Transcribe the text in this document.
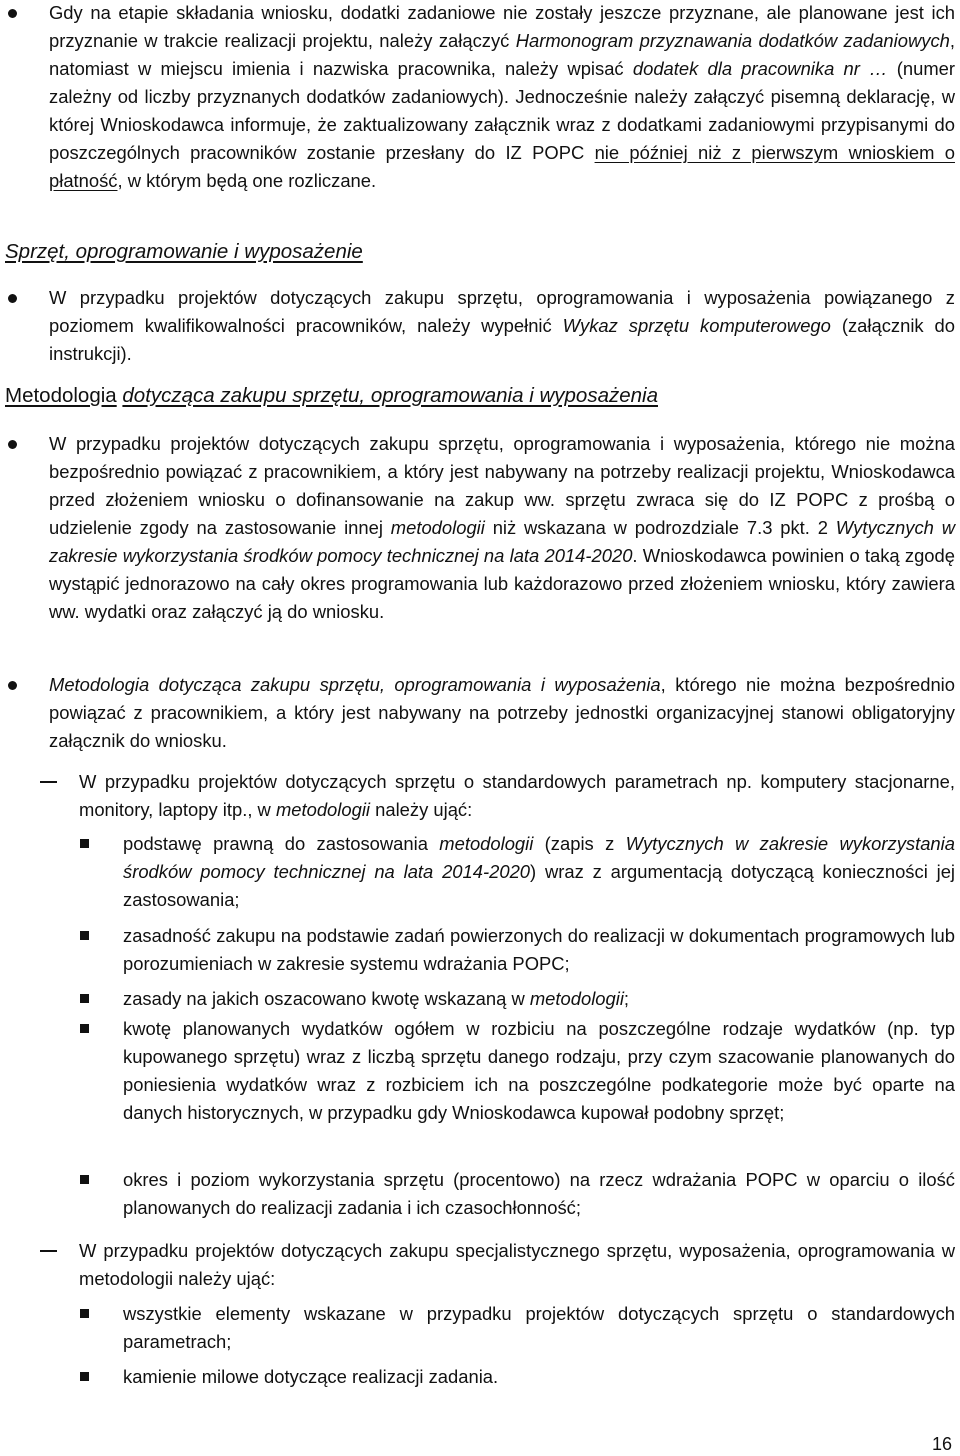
Gdy na etapie składania wniosku, dodatki zadaniowe nie zostały jeszcze przyznane, ale planowane jest ich przyznanie w trakcie realizacji projektu, należy załączyć Harmonogram przyznawania dodatków zadaniowych, natomiast w miejscu imienia i nazwiska pracownika, należy wpisać dodatek dla pracownika nr … (numer zależny od liczby przyznanych dodatków zadaniowych). Jednocześnie należy załączyć pisemną deklarację, w której Wnioskodawca informuje, że zaktualizowany załącznik wraz z dodatkami zadaniowymi przypisanymi do poszczególnych pracowników zostanie przesłany do IZ POPC nie później niż z pierwszym wnioskiem o płatność, w którym będą one rozliczane.

Sprzęt, oprogramowanie i wyposażenie

W przypadku projektów dotyczących zakupu sprzętu, oprogramowania i wyposażenia powiązanego z poziomem kwalifikowalności pracowników, należy wypełnić Wykaz sprzętu komputerowego (załącznik do instrukcji).

Metodologia dotycząca zakupu sprzętu, oprogramowania i wyposażenia

W przypadku projektów dotyczących zakupu sprzętu, oprogramowania i wyposażenia, którego nie można bezpośrednio powiązać z pracownikiem, a który jest nabywany na potrzeby realizacji projektu, Wnioskodawca przed złożeniem wniosku o dofinansowanie na zakup ww. sprzętu zwraca się do IZ POPC z prośbą o udzielenie zgody na zastosowanie innej metodologii niż wskazana w podrozdziale 7.3 pkt. 2 Wytycznych w zakresie wykorzystania środków pomocy technicznej na lata 2014-2020. Wnioskodawca powinien o taką zgodę wystąpić jednorazowo na cały okres programowania lub każdorazowo przed złożeniem wniosku, który zawiera ww. wydatki oraz załączyć ją do wniosku.

Metodologia dotycząca zakupu sprzętu, oprogramowania i wyposażenia, którego nie można bezpośrednio powiązać z pracownikiem, a który jest nabywany na potrzeby jednostki organizacyjnej stanowi obligatoryjny załącznik do wniosku.

W przypadku projektów dotyczących sprzętu o standardowych parametrach np. komputery stacjonarne, monitory, laptopy itp., w metodologii należy ująć:

podstawę prawną do zastosowania metodologii (zapis z Wytycznych w zakresie wykorzystania środków pomocy technicznej na lata 2014-2020) wraz z argumentacją dotyczącą konieczności jej zastosowania;

zasadność zakupu na podstawie zadań powierzonych do realizacji w dokumentach programowych lub porozumieniach w zakresie systemu wdrażania POPC;

zasady na jakich oszacowano kwotę wskazaną w metodologii;

kwotę planowanych wydatków ogółem w rozbiciu na poszczególne rodzaje wydatków (np. typ kupowanego sprzętu) wraz z liczbą sprzętu danego rodzaju, przy czym szacowanie planowanych do poniesienia wydatków wraz z rozbiciem ich na poszczególne podkategorie może być oparte na danych historycznych, w przypadku gdy Wnioskodawca kupował podobny sprzęt;

okres i poziom wykorzystania sprzętu (procentowo) na rzecz wdrażania POPC w oparciu o ilość planowanych do realizacji zadania i ich czasochłonność;

W przypadku projektów dotyczących zakupu specjalistycznego sprzętu, wyposażenia, oprogramowania w metodologii należy ująć:

wszystkie elementy wskazane w przypadku projektów dotyczących sprzętu o standardowych parametrach;

kamienie milowe dotyczące realizacji zadania.

16
